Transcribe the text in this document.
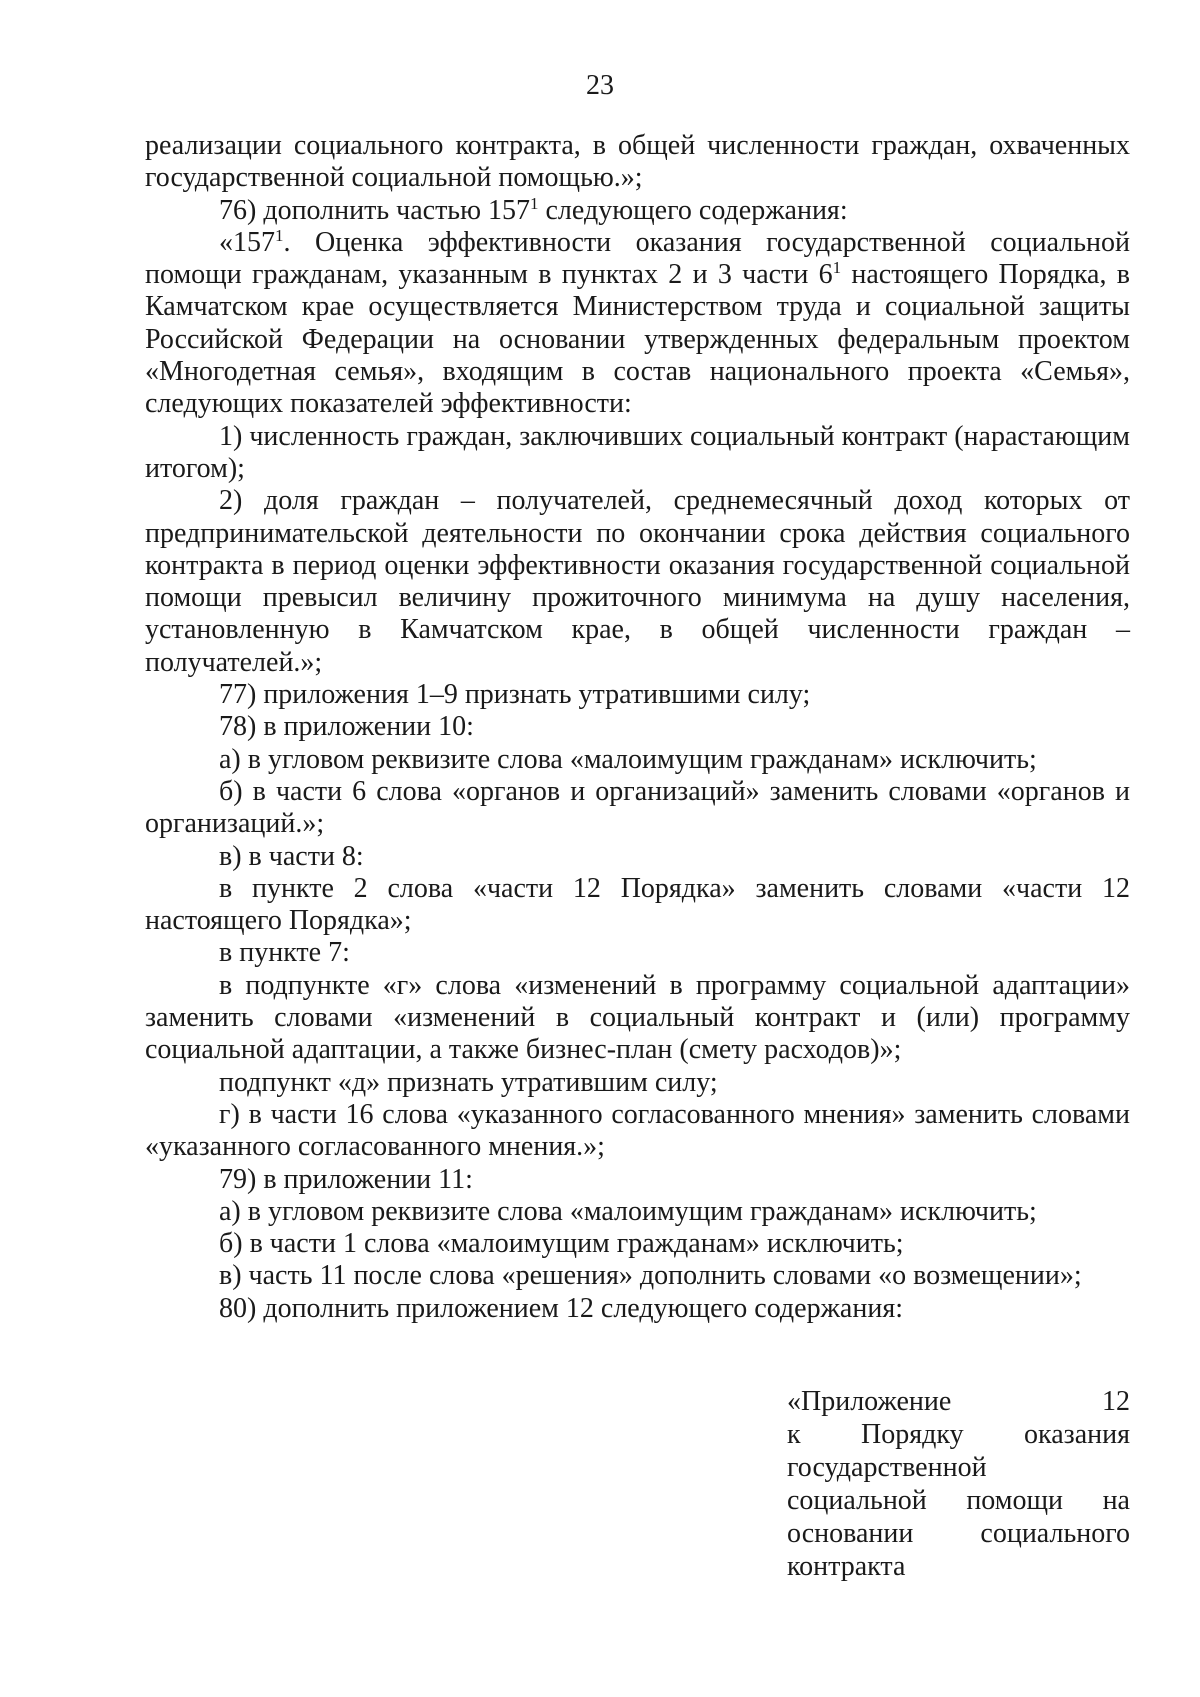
23

реализации социального контракта, в общей численности граждан, охваченных государственной социальной помощью.»;

76) дополнить частью $157^1$ следующего содержания:

«$157^1$. Оценка эффективности оказания государственной социальной помощи гражданам, указанным в пунктах 2 и 3 части $6^1$ настоящего Порядка, в Камчатском крае осуществляется Министерством труда и социальной защиты Российской Федерации на основании утвержденных федеральным проектом «Многодетная семья», входящим в состав национального проекта «Семья», следующих показателей эффективности:

1) численность граждан, заключивших социальный контракт (нарастающим итогом);

2) доля граждан – получателей, среднемесячный доход которых от предпринимательской деятельности по окончании срока действия социального контракта в период оценки эффективности оказания государственной социальной помощи превысил величину прожиточного минимума на душу населения, установленную в Камчатском крае, в общей численности граждан – получателей.»;

77) приложения 1–9 признать утратившими силу;

78) в приложении 10:

а) в угловом реквизите слова «малоимущим гражданам» исключить;

б) в части 6 слова «органов и организаций» заменить словами «органов и организаций.»;

в) в части 8:

в пункте 2 слова «части 12 Порядка» заменить словами «части 12 настоящего Порядка»;

в пункте 7:

в подпункте «г» слова «изменений в программу социальной адаптации» заменить словами «изменений в социальный контракт и (или) программу социальной адаптации, а также бизнес-план (смету расходов)»;

подпункт «д» признать утратившим силу;

г) в части 16 слова «указанного согласованного мнения» заменить словами «указанного согласованного мнения.»;

79) в приложении 11:

а) в угловом реквизите слова «малоимущим гражданам» исключить;

б) в части 1 слова «малоимущим гражданам» исключить;

в) часть 11 после слова «решения» дополнить словами «о возмещении»;

80) дополнить приложением 12 следующего содержания:

«Приложение 12
к Порядку оказания
государственной
социальной помощи на
основании социального
контракта
